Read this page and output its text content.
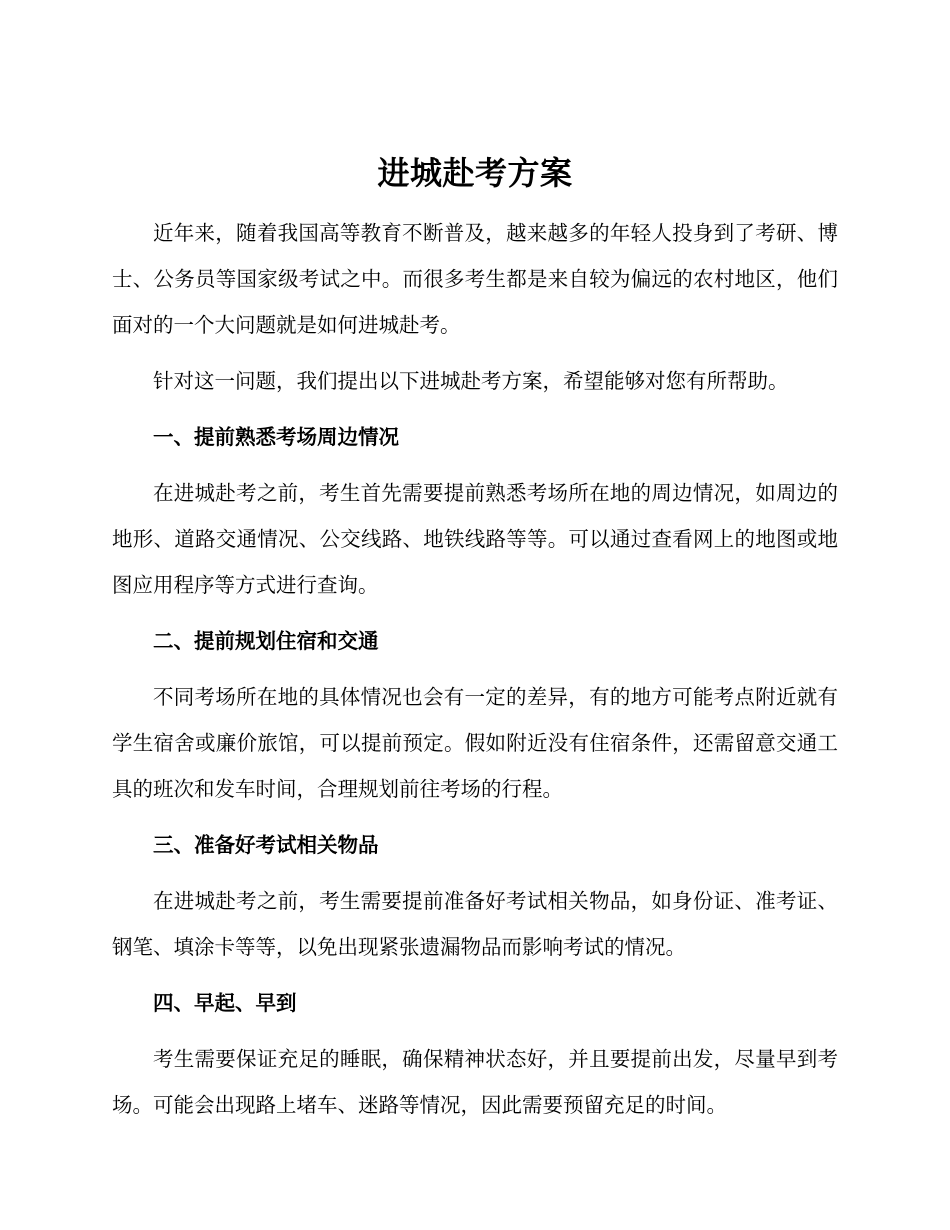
进城赴考方案

近年来，随着我国高等教育不断普及，越来越多的年轻人投身到了考研、博士、公务员等国家级考试之中。而很多考生都是来自较为偏远的农村地区，他们面对的一个大问题就是如何进城赴考。

针对这一问题，我们提出以下进城赴考方案，希望能够对您有所帮助。

一、提前熟悉考场周边情况

在进城赴考之前，考生首先需要提前熟悉考场所在地的周边情况，如周边的地形、道路交通情况、公交线路、地铁线路等等。可以通过查看网上的地图或地图应用程序等方式进行查询。

二、提前规划住宿和交通

不同考场所在地的具体情况也会有一定的差异，有的地方可能考点附近就有学生宿舍或廉价旅馆，可以提前预定。假如附近没有住宿条件，还需留意交通工具的班次和发车时间，合理规划前往考场的行程。

三、准备好考试相关物品

在进城赴考之前，考生需要提前准备好考试相关物品，如身份证、准考证、钢笔、填涂卡等等，以免出现紧张遗漏物品而影响考试的情况。

四、早起、早到

考生需要保证充足的睡眠，确保精神状态好，并且要提前出发，尽量早到考场。可能会出现路上堵车、迷路等情况，因此需要预留充足的时间。
